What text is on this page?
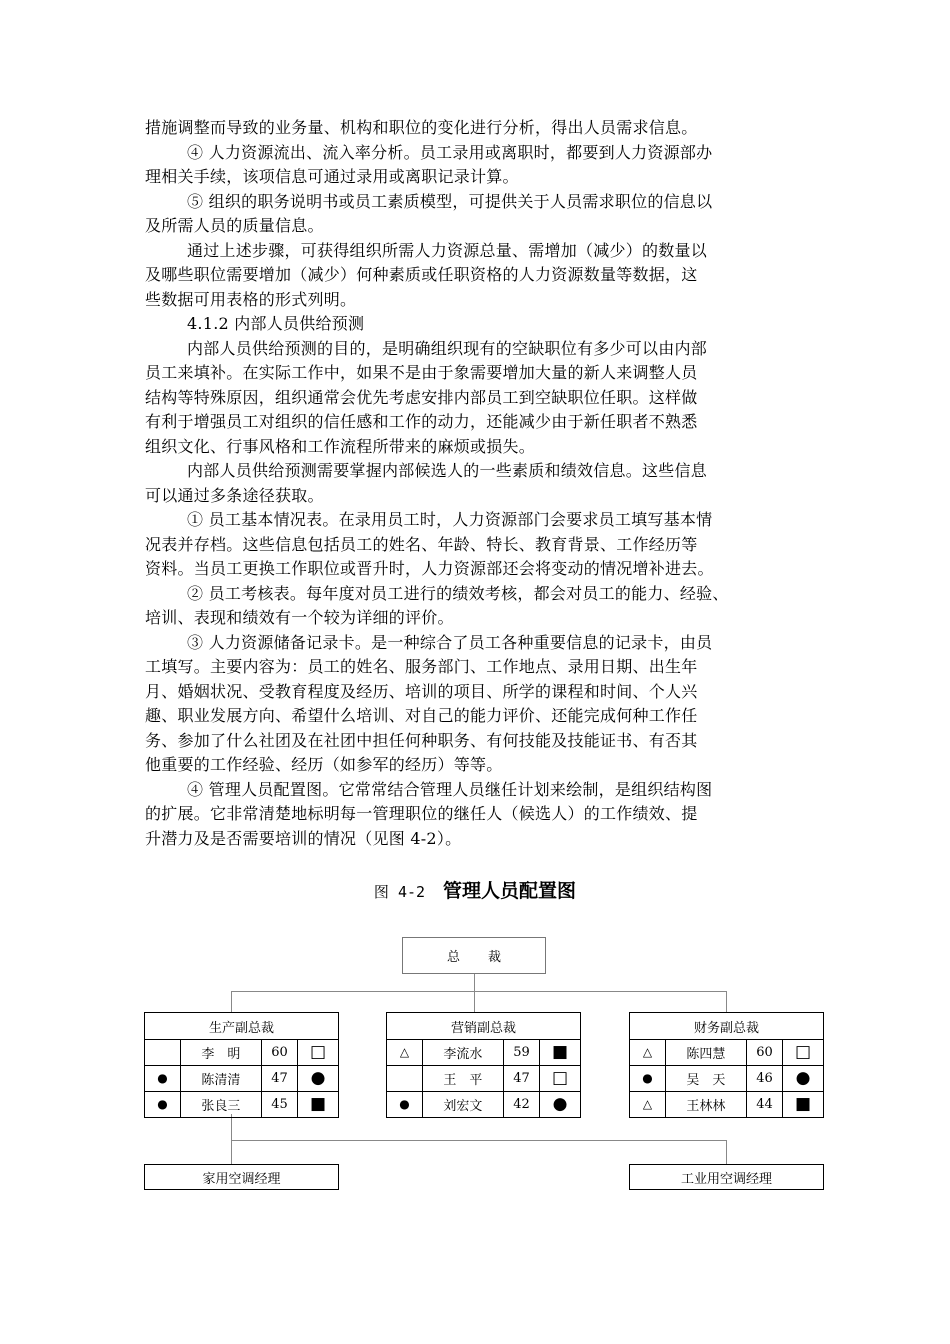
措施调整而导致的业务量、机构和职位的变化进行分析，得出人员需求信息。
④ 人力资源流出、流入率分析。员工录用或离职时，都要到人力资源部办
理相关手续，该项信息可通过录用或离职记录计算。
⑤ 组织的职务说明书或员工素质模型，可提供关于人员需求职位的信息以
及所需人员的质量信息。
通过上述步骤，可获得组织所需人力资源总量、需增加（减少）的数量以
及哪些职位需要增加（减少）何种素质或任职资格的人力资源数量等数据，这
些数据可用表格的形式列明。
4.1.2 内部人员供给预测
内部人员供给预测的目的，是明确组织现有的空缺职位有多少可以由内部
员工来填补。在实际工作中，如果不是由于象需要增加大量的新人来调整人员
结构等特殊原因，组织通常会优先考虑安排内部员工到空缺职位任职。这样做
有利于增强员工对组织的信任感和工作的动力，还能减少由于新任职者不熟悉
组织文化、行事风格和工作流程所带来的麻烦或损失。
内部人员供给预测需要掌握内部候选人的一些素质和绩效信息。这些信息
可以通过多条途径获取。
① 员工基本情况表。在录用员工时，人力资源部门会要求员工填写基本情
况表并存档。这些信息包括员工的姓名、年龄、特长、教育背景、工作经历等
资料。当员工更换工作职位或晋升时，人力资源部还会将变动的情况增补进去。
② 员工考核表。每年度对员工进行的绩效考核，都会对员工的能力、经验、
培训、表现和绩效有一个较为详细的评价。
③ 人力资源储备记录卡。是一种综合了员工各种重要信息的记录卡，由员
工填写。主要内容为：员工的姓名、服务部门、工作地点、录用日期、出生年
月、婚姻状况、受教育程度及经历、培训的项目、所学的课程和时间、个人兴
趣、职业发展方向、希望什么培训、对自己的能力评价、还能完成何种工作任
务、参加了什么社团及在社团中担任何种职务、有何技能及技能证书、有否其
他重要的工作经验、经历（如参军的经历）等等。
④ 管理人员配置图。它常常结合管理人员继任计划来绘制，是组织结构图
的扩展。它非常清楚地标明每一管理职位的继任人（候选人）的工作绩效、提
升潜力及是否需要培训的情况（见图 4-2）。
图 4-2 管理人员配置图
总裁
生产副总裁			
	李　明	60	□
●	陈清清	47	●
●	张良三	45	■
营销副总裁			
△	李流水	59	■
	王　平	47	□
●	刘宏文	42	●
财务副总裁			
△	陈四慧	60	□
●	吴　天	46	●
△	王林林	44	■
家用空调经理	工业用空调经理
